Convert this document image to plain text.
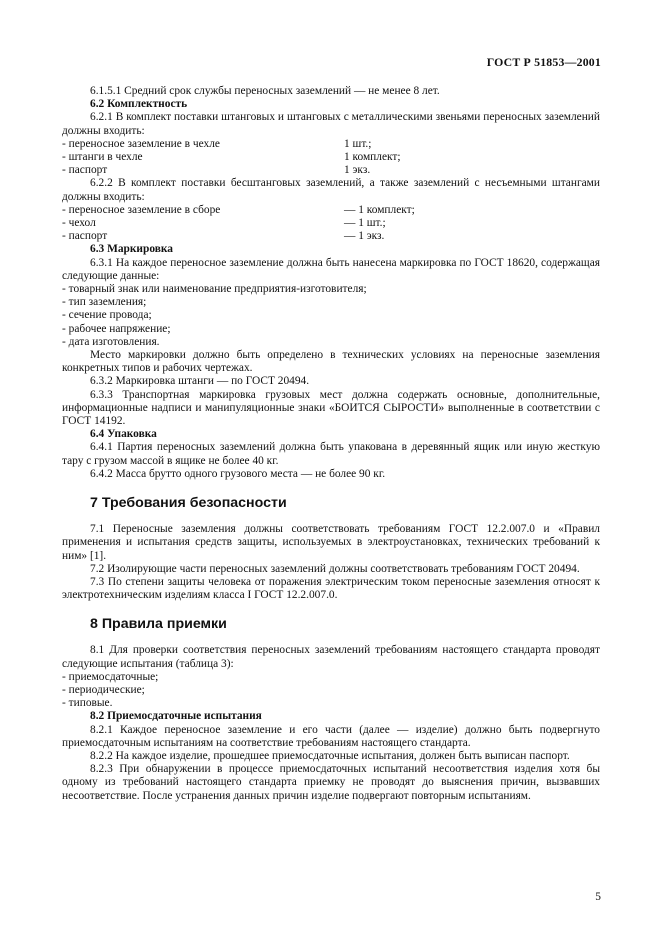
ГОСТ Р 51853—2001

6.1.5.1 Средний срок службы переносных заземлений — не менее 8 лет.

6.2 Комплектность

6.2.1 В комплект поставки штанговых и штанговых с металлическими звеньями переносных заземлений должны входить:

- переносное заземление в чехле	1 шт.;
- штанги в чехле	1 комплект;
- паспорт	1 экз.

6.2.2 В комплект поставки бесштанговых заземлений, а также заземлений с несъемными штангами должны входить:

- переносное заземление в сборе	— 1 комплект;
- чехол	— 1 шт.;
- паспорт	— 1 экз.

6.3 Маркировка

6.3.1 На каждое переносное заземление должна быть нанесена маркировка по ГОСТ 18620, содержащая следующие данные:

- товарный знак или наименование предприятия-изготовителя;

- тип заземления;

- сечение провода;

- рабочее напряжение;

- дата изготовления.

Место маркировки должно быть определено в технических условиях на переносные заземления конкретных типов и рабочих чертежах.

6.3.2 Маркировка штанги — по ГОСТ 20494.

6.3.3 Транспортная маркировка грузовых мест должна содержать основные, дополнительные, информационные надписи и манипуляционные знаки «БОИТСЯ СЫРОСТИ» выполненные в соответствии с ГОСТ 14192.

6.4 Упаковка

6.4.1 Партия переносных заземлений должна быть упакована в деревянный ящик или иную жесткую тару с грузом массой в ящике не более 40 кг.

6.4.2 Масса брутто одного грузового места — не более 90 кг.

7 Требования безопасности

7.1 Переносные заземления должны соответствовать требованиям ГОСТ 12.2.007.0 и «Правил применения и испытания средств защиты, используемых в электроустановках, технических требований к ним» [1].

7.2 Изолирующие части переносных заземлений должны соответствовать требованиям ГОСТ 20494.

7.3 По степени защиты человека от поражения электрическим током переносные заземления относят к электротехническим изделиям класса I ГОСТ 12.2.007.0.

8 Правила приемки

8.1 Для проверки соответствия переносных заземлений требованиям настоящего стандарта проводят следующие испытания (таблица 3):

- приемосдаточные;

- периодические;

- типовые.

8.2 Приемосдаточные испытания

8.2.1 Каждое переносное заземление и его части (далее — изделие) должно быть подвергнуто приемосдаточным испытаниям на соответствие требованиям настоящего стандарта.

8.2.2 На каждое изделие, прошедшее приемосдаточные испытания, должен быть выписан паспорт.

8.2.3 При обнаружении в процессе приемосдаточных испытаний несоответствия изделия хотя бы одному из требований настоящего стандарта приемку не проводят до выяснения причин, вызвавших несоответствие. После устранения данных причин изделие подвергают повторным испытаниям.

5
